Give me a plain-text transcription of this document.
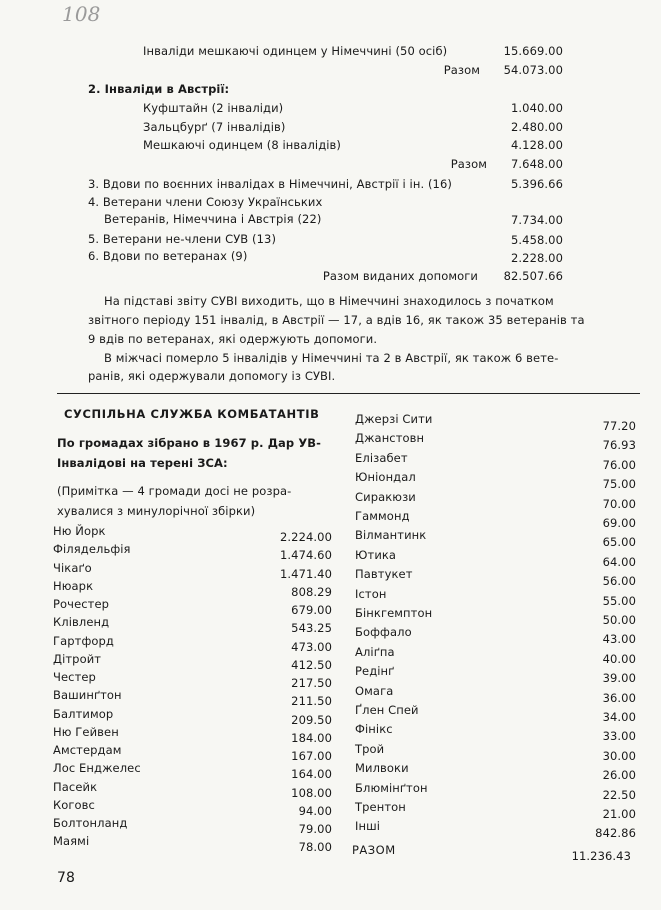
108
Інваліди мешкаючі одинцем у Німеччині (50 осіб)	15.669.00
Разом	54.073.00
2. Інваліди в Австрії:
Куфштайн (2 інваліди)	1.040.00
Зальцбурґ (7 інвалідів)	2.480.00
Мешкаючі одинцем (8 інвалідів)	4.128.00
Разом	7.648.00
3. Вдови по воєнних інвалідах в Німеччині, Австрії і ін. (16)	5.396.66
4. Ветерани члени Союзу Українських
Ветеранів, Німеччина і Австрія (22)	7.734.00
5. Ветерани не-члени СУВ (13)	5.458.00
6. Вдови по ветеранах (9)	2.228.00
Разом виданих допомоги	82.507.66
На підставі звіту СУВІ виходить, що в Німеччині знаходилось з початком
звітного періоду 151 інвалід, в Австрії — 17, а вдів 16, як також 35 ветеранів та
9 вдів по ветеранах, які одержують допомоги.
В міжчасі померло 5 інвалідів у Німеччині та 2 в Австрії, як також 6 вете-
ранів, які одержували допомогу із СУВІ.
СУСПІЛЬНА СЛУЖБА КОМБАТАНТІВ
По громадах зібрано в 1967 р. Дар УВ-
Інвалідові на терені ЗСА:
(Примітка — 4 громади досі не розра-
хувалися з минулорічної збірки)
Ню Йорк	2.224.00
Філядельфія	1.474.60
Чікаґо	1.471.40
Нюарк	808.29
Рочестер	679.00
Клівленд	543.25
Гартфорд	473.00
Дітройт	412.50
Честер	217.50
Вашинґтон	211.50
Балтимор	209.50
Ню Гейвен	184.00
Амстердам	167.00
Лос Енджелес	164.00
Пасейк	108.00
Коговс	94.00
Болтонланд	79.00
Маямі	78.00
Джерзі Сити	77.20
Джанстовн	76.93
Елізабет	76.00
Юніондал	75.00
Сиракюзи	70.00
Гаммонд	69.00
Вілмантинк	65.00
Ютика	64.00
Павтукет	56.00
Істон	55.00
Бінкгемптон	50.00
Боффало	43.00
Аліґпа	40.00
Редінґ	39.00
Омага	36.00
Ґлен Спей	34.00
Фінікс	33.00
Трой	30.00
Милвоки	26.00
Блюмінґтон	22.50
Трентон	21.00
Інші	842.86
РАЗОМ	11.236.43
78
